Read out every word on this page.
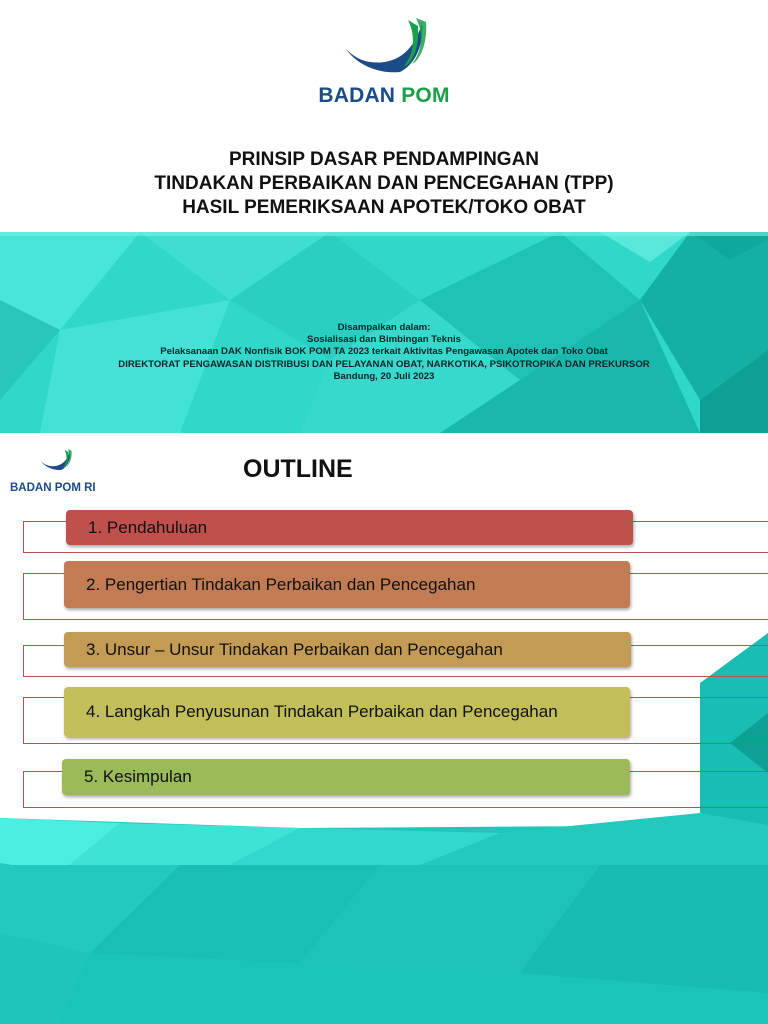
BADAN POM
PRINSIP DASAR PENDAMPINGAN
TINDAKAN PERBAIKAN DAN PENCEGAHAN (TPP)
HASIL PEMERIKSAAN APOTEK/TOKO OBAT
Disampaikan dalam:
Sosialisasi dan Bimbingan Teknis
Pelaksanaan DAK Nonfisik BOK POM TA 2023 terkait Aktivitas Pengawasan Apotek dan Toko Obat
DIREKTORAT PENGAWASAN DISTRIBUSI DAN PELAYANAN OBAT, NARKOTIKA, PSIKOTROPIKA DAN PREKURSOR
Bandung, 20 Juli 2023
BADAN POM RI
OUTLINE
1. Pendahuluan
2. Pengertian Tindakan Perbaikan dan Pencegahan
3. Unsur – Unsur Tindakan Perbaikan dan Pencegahan
4. Langkah Penyusunan Tindakan Perbaikan dan Pencegahan
5. Kesimpulan
